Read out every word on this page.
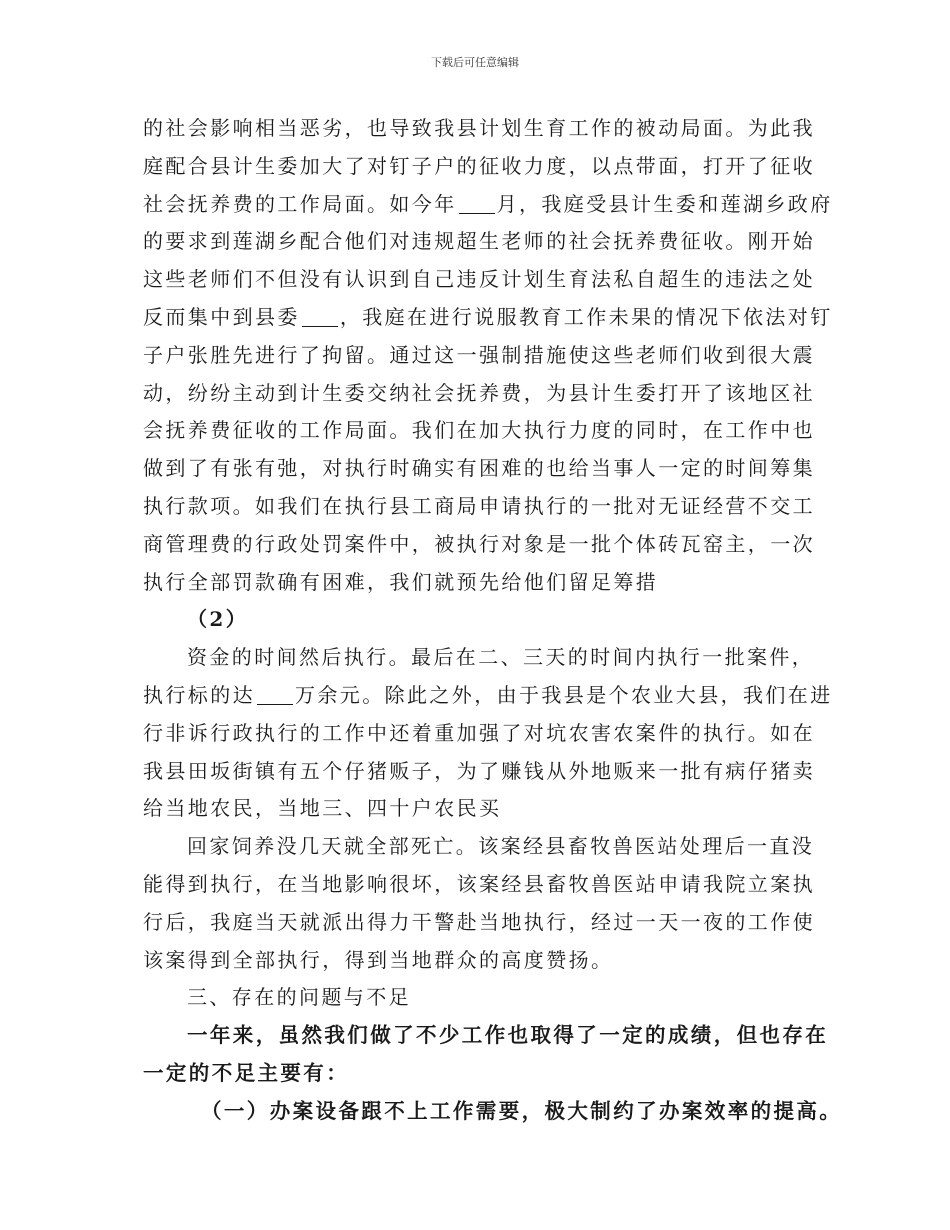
下载后可任意编辑
的社会影响相当恶劣，也导致我县计划生育工作的被动局面。为此我
庭配合县计生委加大了对钉子户的征收力度，以点带面，打开了征收
社会抚养费的工作局面。如今年 月，我庭受县计生委和莲湖乡政府
的要求到莲湖乡配合他们对违规超生老师的社会抚养费征收。刚开始
这些老师们不但没有认识到自己违反计划生育法私自超生的违法之处
反而集中到县委 ，我庭在进行说服教育工作未果的情况下依法对钉
子户张胜先进行了拘留。通过这一强制措施使这些老师们收到很大震
动，纷纷主动到计生委交纳社会抚养费，为县计生委打开了该地区社
会抚养费征收的工作局面。我们在加大执行力度的同时，在工作中也
做到了有张有弛，对执行时确实有困难的也给当事人一定的时间筹集
执行款项。如我们在执行县工商局申请执行的一批对无证经营不交工
商管理费的行政处罚案件中，被执行对象是一批个体砖瓦窑主，一次
执行全部罚款确有困难，我们就预先给他们留足筹措
（2）
资金的时间然后执行。最后在二、三天的时间内执行一批案件，
执行标的达 万余元。除此之外，由于我县是个农业大县，我们在进
行非诉行政执行的工作中还着重加强了对坑农害农案件的执行。如在
我县田坂街镇有五个仔猪贩子，为了赚钱从外地贩来一批有病仔猪卖
给当地农民，当地三、四十户农民买
回家饲养没几天就全部死亡。该案经县畜牧兽医站处理后一直没
能得到执行，在当地影响很坏，该案经县畜牧兽医站申请我院立案执
行后，我庭当天就派出得力干警赴当地执行，经过一天一夜的工作使
该案得到全部执行，得到当地群众的高度赞扬。
三、存在的问题与不足
一年来，虽然我们做了不少工作也取得了一定的成绩，但也存在
一定的不足主要有：
（一）办案设备跟不上工作需要，极大制约了办案效率的提高。
